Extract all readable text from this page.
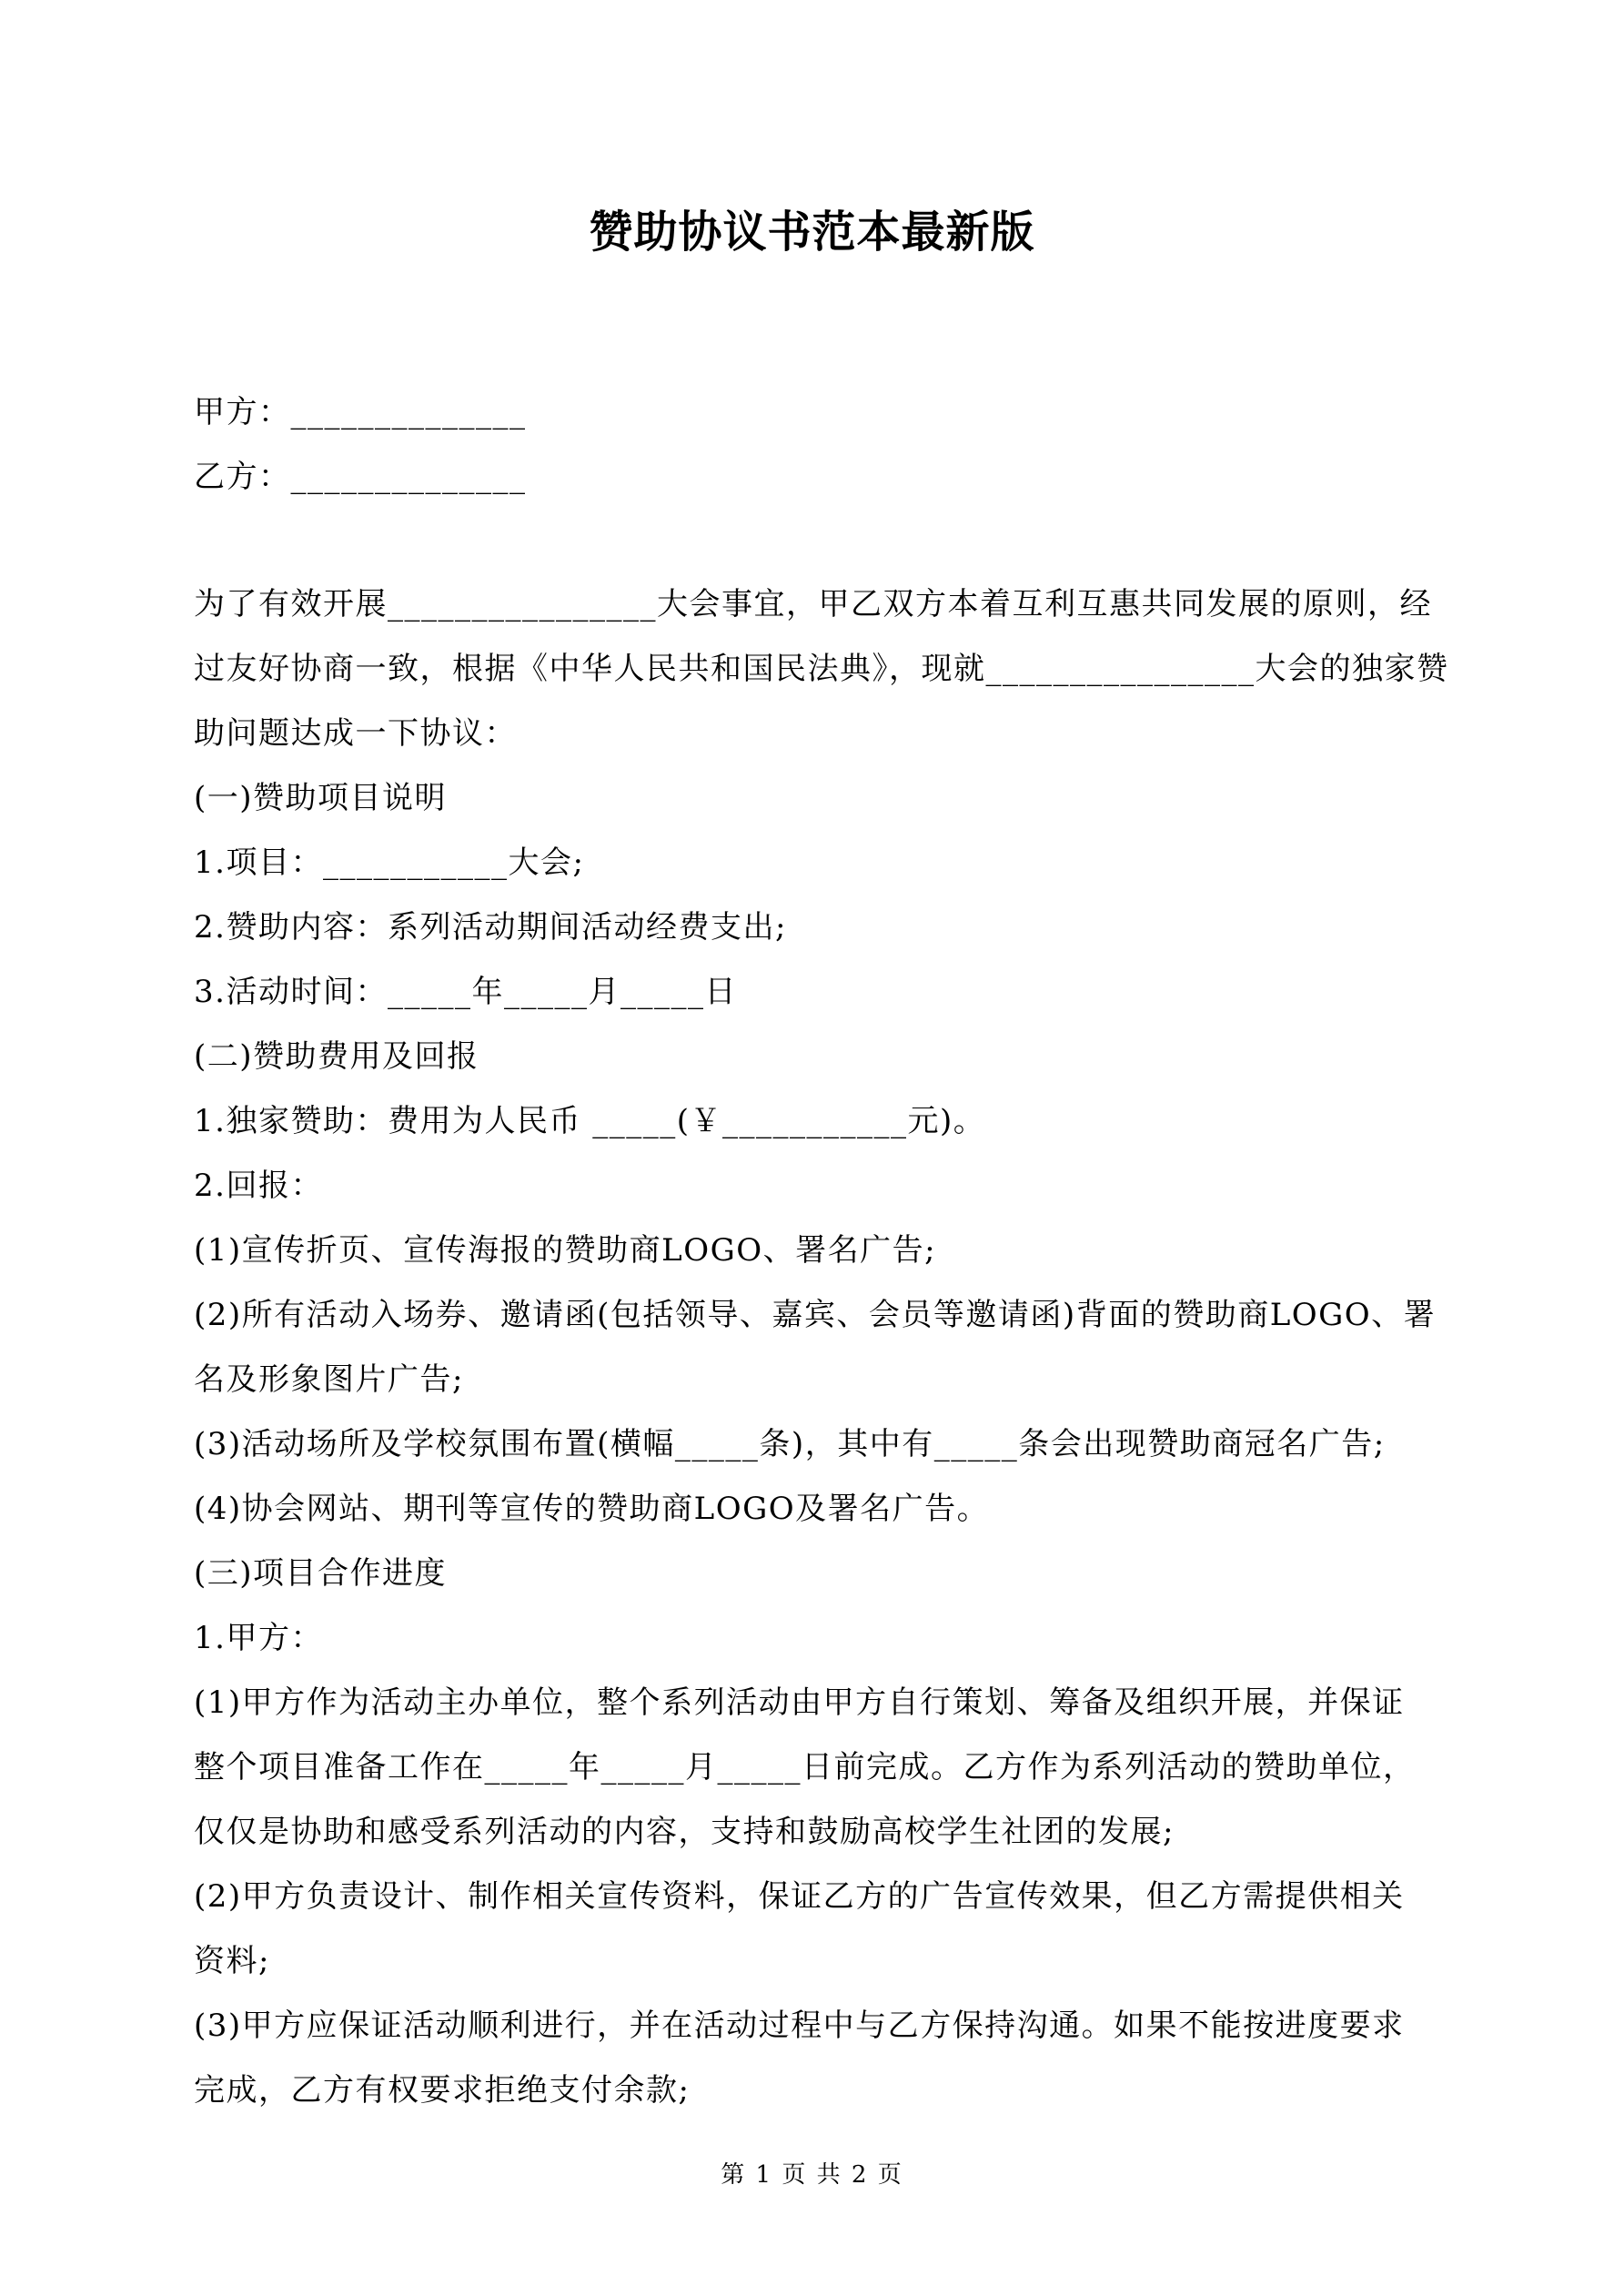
赞助协议书范本最新版
甲方：______________
乙方：______________
为了有效开展________________大会事宜，甲乙双方本着互利互惠共同发展的原则，经
过友好协商一致，根据《中华人民共和国民法典》，现就________________大会的独家赞
助问题达成一下协议：
(一)赞助项目说明
1.项目：___________大会;
2.赞助内容：系列活动期间活动经费支出;
3.活动时间：_____年_____月_____日
(二)赞助费用及回报
1.独家赞助：费用为人民币 _____(￥___________元)。
2.回报：
(1)宣传折页、宣传海报的赞助商LOGO、署名广告;
(2)所有活动入场券、邀请函(包括领导、嘉宾、会员等邀请函)背面的赞助商LOGO、署
名及形象图片广告;
(3)活动场所及学校氛围布置(横幅_____条)，其中有_____条会出现赞助商冠名广告;
(4)协会网站、期刊等宣传的赞助商LOGO及署名广告。
(三)项目合作进度
1.甲方：
(1)甲方作为活动主办单位，整个系列活动由甲方自行策划、筹备及组织开展，并保证
整个项目准备工作在_____年_____月_____日前完成。乙方作为系列活动的赞助单位，
仅仅是协助和感受系列活动的内容，支持和鼓励高校学生社团的发展;
(2)甲方负责设计、制作相关宣传资料，保证乙方的广告宣传效果，但乙方需提供相关
资料;
(3)甲方应保证活动顺利进行，并在活动过程中与乙方保持沟通。如果不能按进度要求
完成，乙方有权要求拒绝支付余款;
第 1 页 共 2 页
